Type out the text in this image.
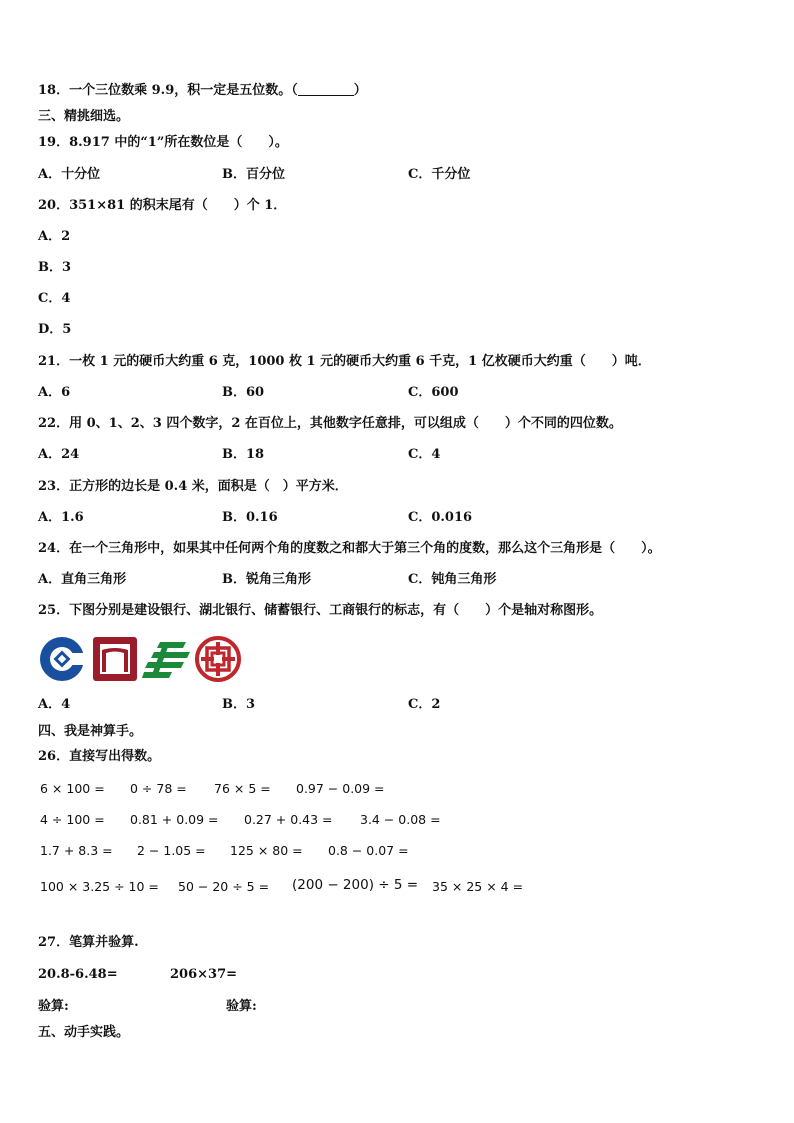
18．一个三位数乘 9.9，积一定是五位数。（	）
三、精挑细选。
19．8.917 中的“1”所在数位是（　　）。
A．十分位	B．百分位	C．千分位
20．351×81 的积末尾有（　　）个 1．
A．2
B．3
C．4
D．5
21．一枚 1 元的硬币大约重 6 克，1000 枚 1 元的硬币大约重 6 千克，1 亿枚硬币大约重（　　）吨．
A．6	B．60	C．600
22．用 0、1、2、3 四个数字，2 在百位上，其他数字任意排，可以组成（　　）个不同的四位数。
A．24	B．18	C．4
23．正方形的边长是 0.4 米，面积是（　）平方米．
A．1.6	B．0.16	C．0.016
24．在一个三角形中，如果其中任何两个角的度数之和都大于第三个角的度数，那么这个三角形是（　　）。
A．直角三角形	B．锐角三角形	C．钝角三角形
25．下图分别是建设银行、湖北银行、储蓄银行、工商银行的标志，有（　　）个是轴对称图形。
A．4	B．3	C．2
四、我是神算手。
26．直接写出得数。
6 × 100 = 0 ÷ 78 = 76 × 5 = 0.97 − 0.09 =
4 ÷ 100 = 0.81 + 0.09 = 0.27 + 0.43 = 3.4 − 0.08 =
1.7 + 8.3 = 2 − 1.05 = 125 × 80 = 0.8 − 0.07 =
100 × 3.25 ÷ 10 = 50 − 20 ÷ 5 = (200 − 200) ÷ 5 = 35 × 25 × 4 =
27．笔算并验算.
20.8-6.48=	206×37=
验算:	验算:
五、动手实践。
